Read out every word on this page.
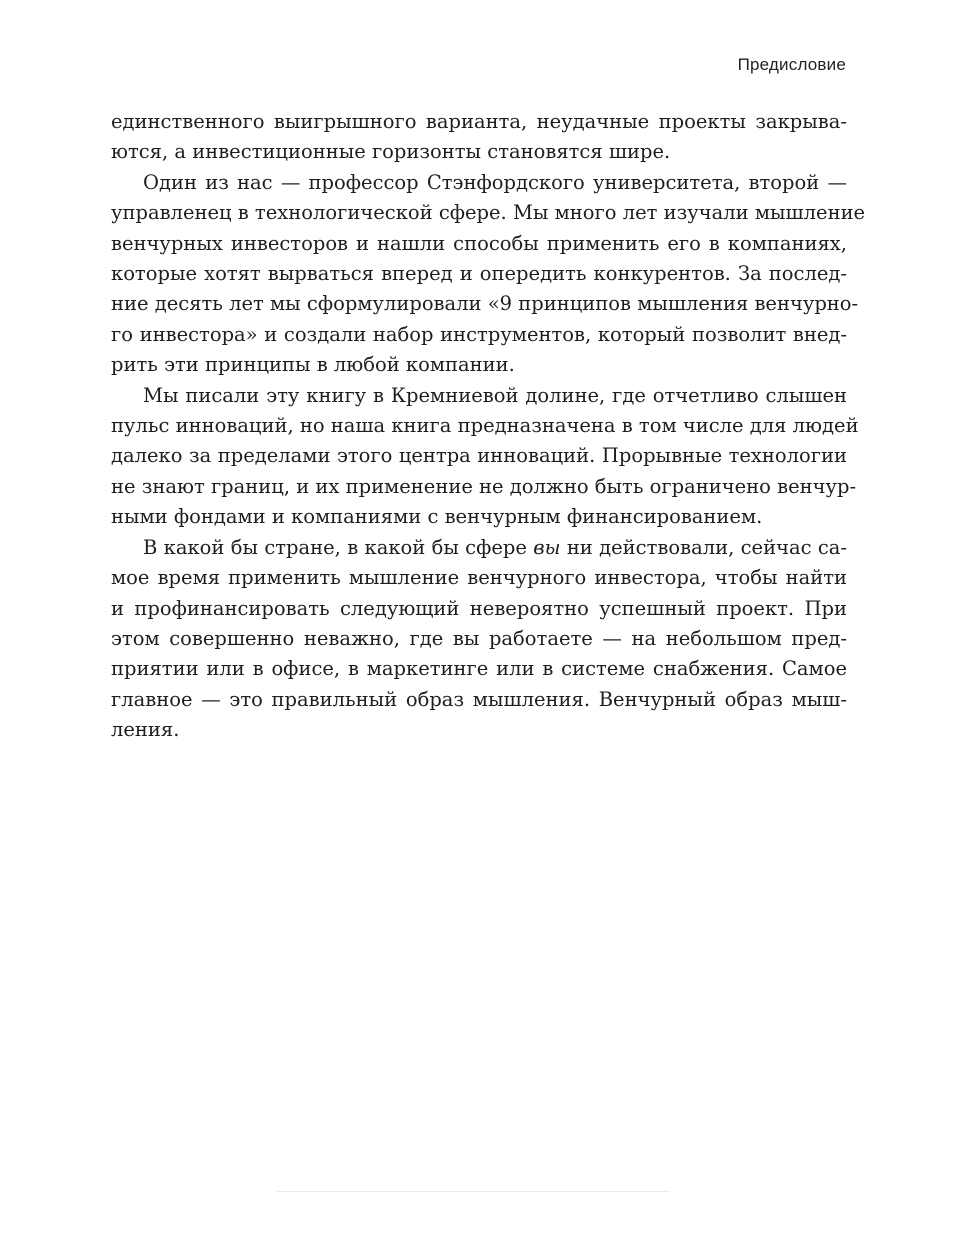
Предисловие

единственного выигрышного варианта, неудачные проекты закрыва-
ются, а инвестиционные горизонты становятся шире.

Один из нас — профессор Стэнфордского университета, второй —
управленец в технологической сфере. Мы много лет изучали мышление
венчурных инвесторов и нашли способы применить его в компаниях,
которые хотят вырваться вперед и опередить конкурентов. За послед-
ние десять лет мы сформулировали «9 принципов мышления венчурно-
го инвестора» и создали набор инструментов, который позволит внед-
рить эти принципы в любой компании.

Мы писали эту книгу в Кремниевой долине, где отчетливо слышен
пульс инноваций, но наша книга предназначена в том числе для людей
далеко за пределами этого центра инноваций. Прорывные технологии
не знают границ, и их применение не должно быть ограничено венчур-
ными фондами и компаниями с венчурным финансированием.

В какой бы стране, в какой бы сфере вы ни действовали, сейчас са-
мое время применить мышление венчурного инвестора, чтобы найти
и профинансировать следующий невероятно успешный проект. При
этом совершенно неважно, где вы работаете — на небольшом пред-
приятии или в офисе, в маркетинге или в системе снабжения. Самое
главное — это правильный образ мышления. Венчурный образ мыш-
ления.
